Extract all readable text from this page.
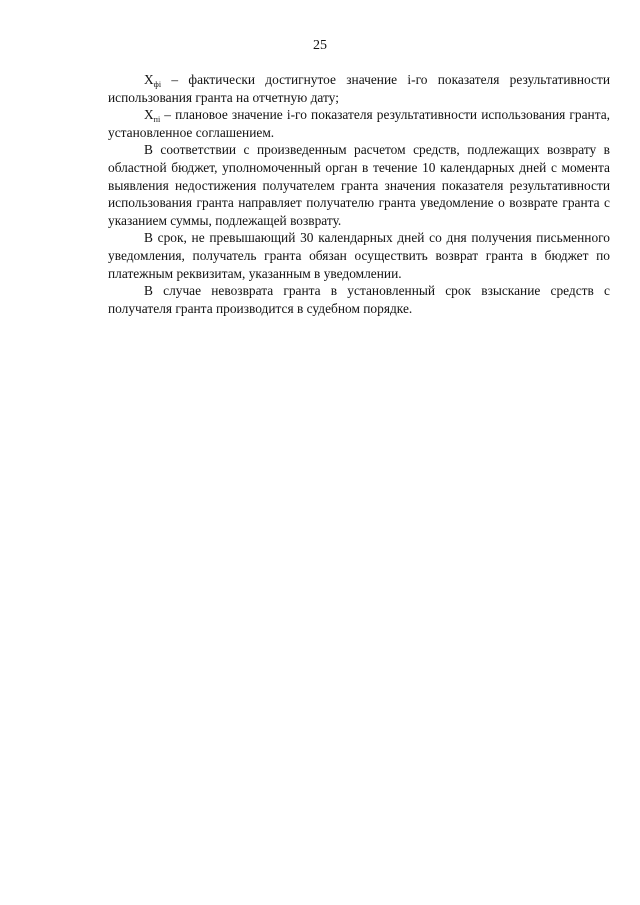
25

$X_{фi}$ – фактически достигнутое значение i-го показателя результативности использования гранта на отчетную дату;

$X_{пi}$ – плановое значение i-го показателя результативности использования гранта, установленное соглашением.

В соответствии с произведенным расчетом средств, подлежащих возврату в областной бюджет, уполномоченный орган в течение 10 календарных дней с момента выявления недостижения получателем гранта значения показателя результативности использования гранта направляет получателю гранта уведомление о возврате гранта с указанием суммы, подлежащей возврату.

В срок, не превышающий 30 календарных дней со дня получения письменного уведомления, получатель гранта обязан осуществить возврат гранта в бюджет по платежным реквизитам, указанным в уведомлении.

В случае невозврата гранта в установленный срок взыскание средств с получателя гранта производится в судебном порядке.
